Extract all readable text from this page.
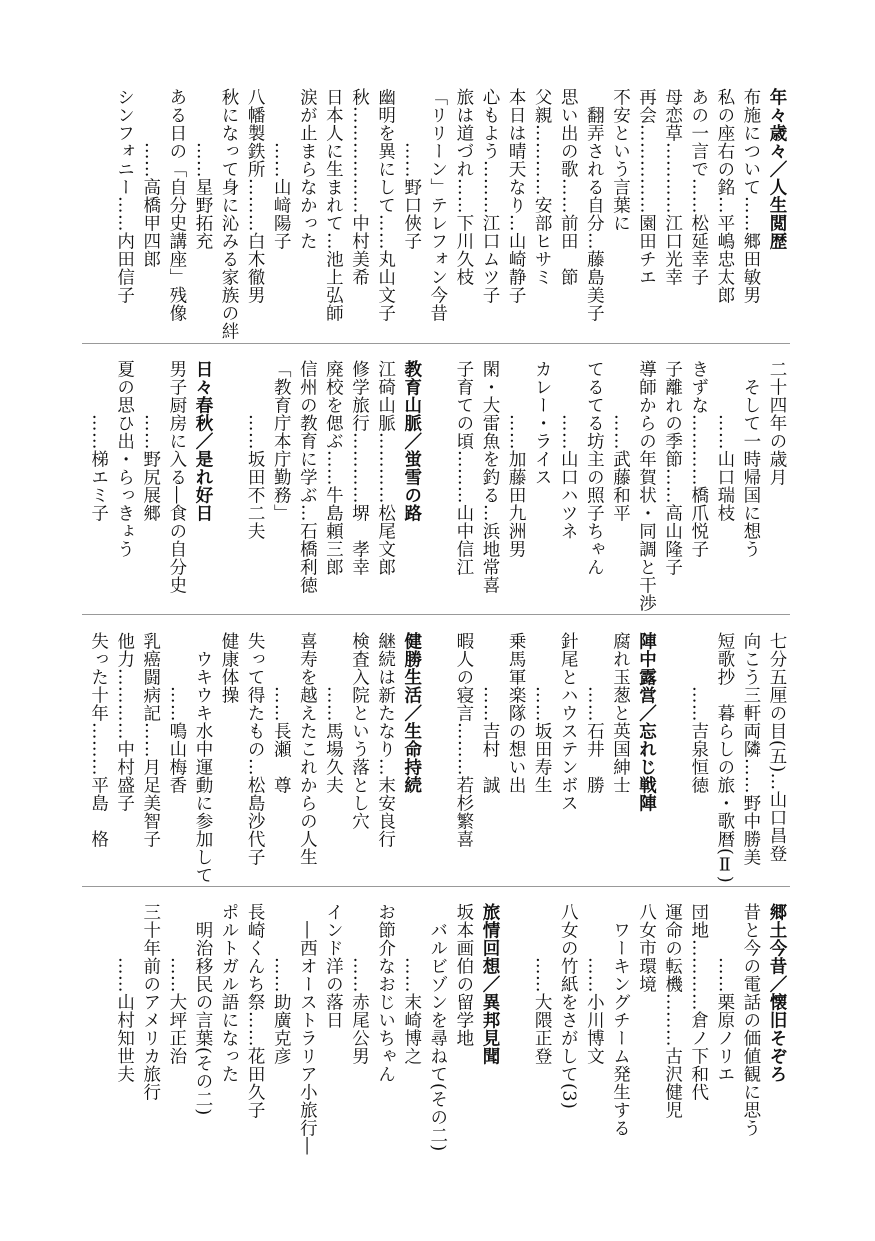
年々歳々／人生閲歴
布施について……郷田敏男
私の座右の銘…平嶋忠太郎
あの一言で……松延幸子
母恋草…………江口光幸
再会……………園田チエ
不安という言葉に
　翻弄される自分…藤島美子
思い出の歌……前田　節
父親…………安部ヒサミ
本日は晴天なり…山崎静子
心もよう………江口ムツ子
旅は道づれ……下川久枝
「リリーン」テレフォン今昔
　　　……野口俠子
幽明を異にして……丸山文子
秋………………中村美希
日本人に生まれて…池上弘師
涙が止まらなかった
　　　……山﨑陽子
八幡製鉄所………白木徹男
秋になって身に沁みる家族の絆
　　　……星野拓充
ある日の「自分史講座」残像
　　　……高橋甲四郎
シンフォニー……内田信子
二十四年の歳月
　そして一時帰国に想う
　　　……山口瑞枝
きずな…………橋爪悦子
子離れの季節……高山隆子
導師からの年賀状・同調と干渉
　　　……武藤和平
てるてる坊主の照子ちゃん
　　　……山口ハツネ
カレー・ライス
　　　……加藤田九洲男
閑・大雷魚を釣る…浜地常喜
子育ての頃………山中信江
教育山脈／蛍雪の路
江碕山脈…………松尾文郎
修学旅行…………堺　孝幸
廃校を偲ぶ……牛島頼三郎
信州の教育に学ぶ…石橋利徳
「教育庁本庁勤務」
　　　……坂田不二夫
日々春秋／是れ好日
男子厨房に入る―食の自分史
　　　……野尻展郷
夏の思ひ出・らっきょう
　　　……梯エミ子
七分五厘の目(五)…山口昌登
向こう三軒両隣……野中勝美
短歌抄　暮らしの旅・歌暦(Ⅱ)
　　　……吉泉恒徳
陣中露営／忘れじ戦陣
腐れ玉葱と英国紳士
　　　……石井　勝
針尾とハウステンボス
　　　……坂田寿生
乗馬軍楽隊の想い出
　　　……吉村　誠
暇人の寝言………若杉繁喜
健勝生活／生命持続
継続は新たなり…末安良行
検査入院という落とし穴
　　　……馬場久夫
喜寿を越えたこれからの人生
　　　……長瀬　尊
失って得たもの…松島沙代子
健康体操
　ウキウキ水中運動に参加して
　　　……鳴山梅香
乳癌闘病記……月足美智子
他力…………中村盛子
失った十年………平島　格
郷土今昔／懐旧そぞろ
昔と今の電話の価値観に思う
　　　……栗原ノリエ
団地…………倉ノ下和代
運命の転機………古沢健児
八女市環境
　ワーキングチーム発生する
　　　……小川博文
八女の竹紙をさがして(3)
　　　……大隈正登
旅情回想／異邦見聞
坂本画伯の留学地
　バルビゾンを尋ねて(その二)
　　　……末崎博之
お節介なおじいちゃん
　　　……赤尾公男
インド洋の落日
　―西オーストラリア小旅行―
　　　……助廣克彦
長崎くんち祭……花田久子
ポルトガル語になった
　明治移民の言葉(その二)
　　　……大坪正治
三十年前のアメリカ旅行
　　　……山村知世夫
